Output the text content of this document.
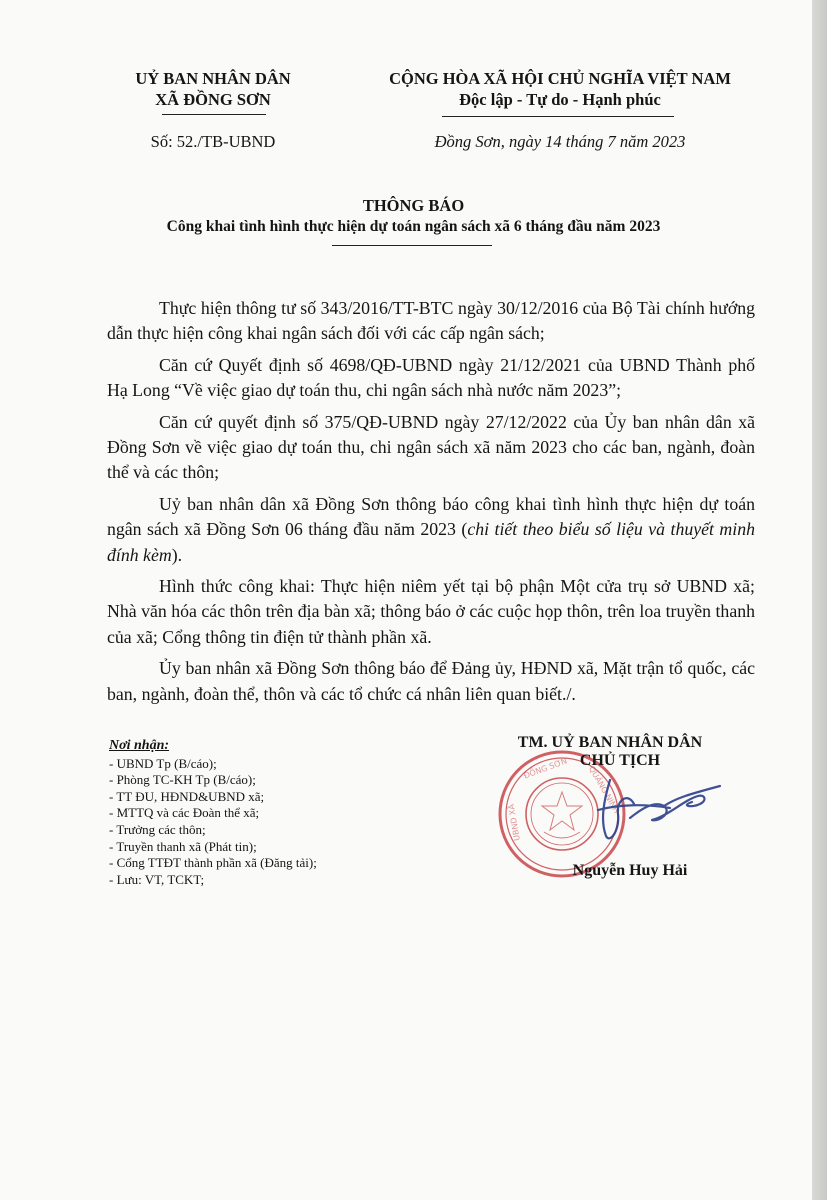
UỶ BAN NHÂN DÂN
XÃ ĐỒNG SƠN
CỘNG HÒA XÃ HỘI CHỦ NGHĨA VIỆT NAM
Độc lập - Tự do - Hạnh phúc
Số: 52./TB-UBND	Đồng Sơn, ngày 14 tháng 7 năm 2023
THÔNG BÁO
Công khai tình hình thực hiện dự toán ngân sách xã 6 tháng đầu năm 2023

Thực hiện thông tư số 343/2016/TT-BTC ngày 30/12/2016 của Bộ Tài chính hướng dẫn thực hiện công khai ngân sách đối với các cấp ngân sách;

Căn cứ Quyết định số 4698/QĐ-UBND ngày 21/12/2021 của UBND Thành phố Hạ Long “Về việc giao dự toán thu, chi ngân sách nhà nước năm 2023”;

Căn cứ quyết định số 375/QĐ-UBND ngày 27/12/2022 của Ủy ban nhân dân xã Đồng Sơn về việc giao dự toán thu, chi ngân sách xã năm 2023 cho các ban, ngành, đoàn thể và các thôn;

Uỷ ban nhân dân xã Đồng Sơn thông báo công khai tình hình thực hiện dự toán ngân sách xã Đồng Sơn 06 tháng đầu năm 2023 (chi tiết theo biểu số liệu và thuyết minh đính kèm).

Hình thức công khai: Thực hiện niêm yết tại bộ phận Một cửa trụ sở UBND xã; Nhà văn hóa các thôn trên địa bàn xã; thông báo ở các cuộc họp thôn, trên loa truyền thanh của xã; Cổng thông tin điện tử thành phần xã.

Ủy ban nhân xã Đồng Sơn thông báo để Đảng ủy, HĐND xã, Mặt trận tổ quốc, các ban, ngành, đoàn thể, thôn và các tổ chức cá nhân liên quan biết./.

Nơi nhận:
- UBND Tp (B/cáo);
- Phòng TC-KH Tp (B/cáo);
- TT ĐU, HĐND&UBND xã;
- MTTQ và các Đoàn thể xã;
- Trưởng các thôn;
- Truyền thanh xã (Phát tin);
- Cổng TTĐT thành phần xã (Đăng tải);
- Lưu: VT, TCKT;
ĐỒNG SƠN QUẢNG NINH
UBND XÃ
TM. UỶ BAN NHÂN DÂN
CHỦ TỊCH
Nguyễn Huy Hải
